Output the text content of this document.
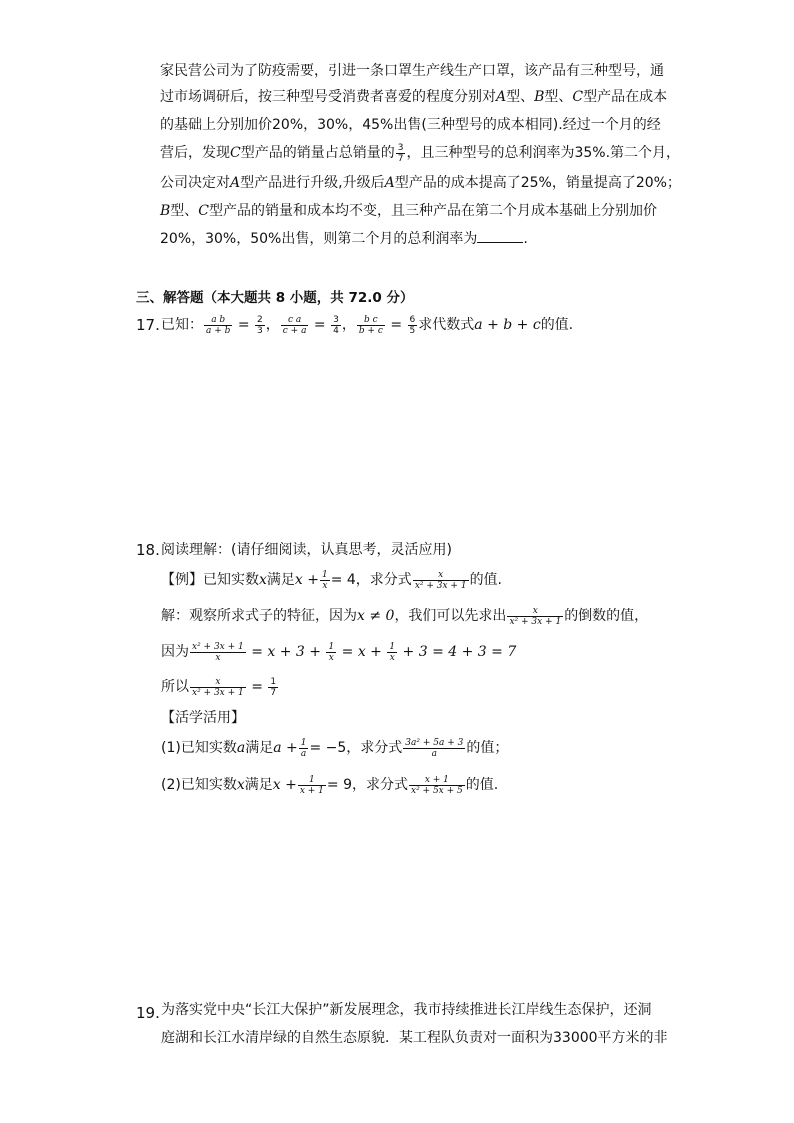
家民营公司为了防疫需要，引进一条口罩生产线生产口罩，该产品有三种型号，通
过市场调研后，按三种型号受消费者喜爱的程度分别对A型、B型、C型产品在成本
的基础上分别加价20%，30%，45%出售(三种型号的成本相同).经过一个月的经
营后，发现C型产品的销量占总销量的 $\frac{3}{7}$ ，且三种型号的总利润率为35%.第二个月，
公司决定对A型产品进行升级,升级后A型产品的成本提高了25%，销量提高了20%；
B型、C型产品的销量和成本均不变，且三种产品在第二个月成本基础上分别加价
20%，30%，50%出售，则第二个月的总利润率为	.
三、解答题（本大题共 8 小题，共 72.0 分）
17. 已知： $\frac{\text{a b}}{a + b} = \frac{2}{3}$ ， $\frac{\text{c a}}{c + a} = \frac{3}{4}$ ， $\frac{\text{b c}}{b + c} = \frac{6}{5}$ 求代数式a + b + c的值.
18. 阅读理解：(请仔细阅读，认真思考，灵活应用)
【例】已知实数x满足$x + \frac{1}{x} = 4$，求分式 $\frac{x}{\text{x² + 3x + 1}}$ 的值.
解：观察所求式子的特征，因为x ≠ 0，我们可以先求出 $\frac{x}{\text{x² + 3x + 1}}$ 的倒数的值，
因为 $\frac{\text{x² + 3x + 1}}{x} = x + 3 + \frac{1}{x} = x + \frac{1}{x} + 3 = 4 + 3 = 7$
所以 $\frac{x}{\text{x² + 3x + 1}} = \frac{1}{7}$
【活学活用】
(1)已知实数a满足$a + \frac{1}{a} = -5$，求分式 $\frac{\text{3a² + 5a + 3}}{a}$ 的值；
(2)已知实数x满足$x + \frac{1}{x + 1} = 9$，求分式 $\frac{x + 1}{\text{x² + 5x + 5}}$ 的值.
19. 为落实党中央“长江大保护”新发展理念，我市持续推进长江岸线生态保护，还洞
庭湖和长江水清岸绿的自然生态原貌．某工程队负责对一面积为33000平方米的非
